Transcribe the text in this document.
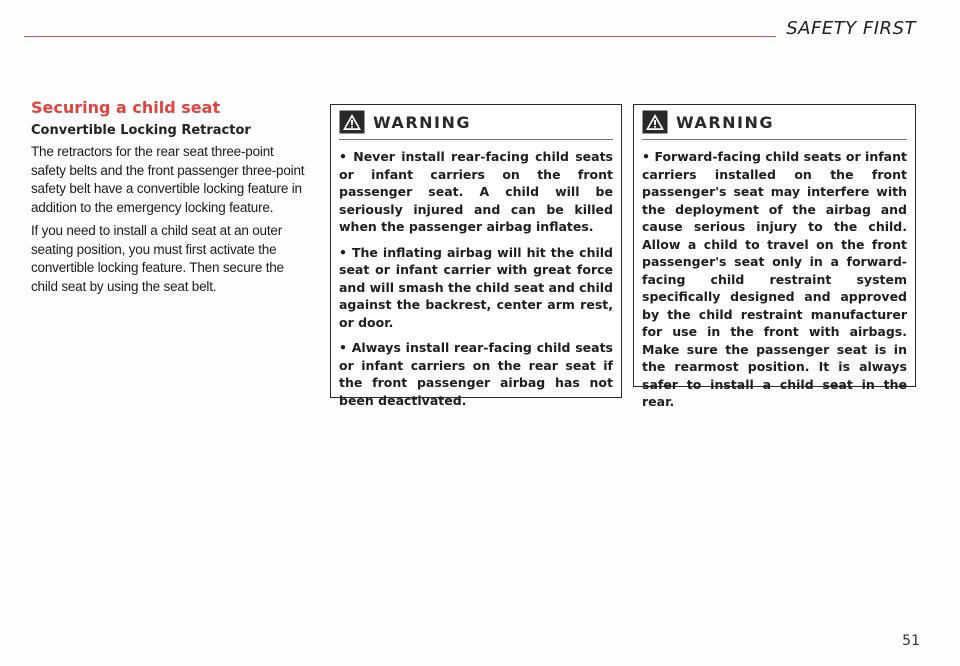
SAFETY FIRST
Securing a child seat
Convertible Locking Retractor

The retractors for the rear seat three-point safety belts and the front passenger three-point safety belt have a convertible locking feature in addition to the emergency locking feature.

If you need to install a child seat at an outer seating position, you must first activate the convertible locking feature. Then secure the child seat by using the seat belt.

WARNING

• Never install rear-facing child seats or infant carriers on the front passenger seat. A child will be seriously injured and can be killed when the passenger airbag inflates.

• The inflating airbag will hit the child seat or infant carrier with great force and will smash the child seat and child against the backrest, center arm rest, or door.

• Always install rear-facing child seats or infant carriers on the rear seat if the front passenger airbag has not been deactivated.

WARNING

• Forward-facing child seats or infant carriers installed on the front passenger's seat may interfere with the deployment of the airbag and cause serious injury to the child. Allow a child to travel on the front passenger's seat only in a forward-facing child restraint system specifically designed and approved by the child restraint manufacturer for use in the front with airbags. Make sure the passenger seat is in the rearmost position. It is always safer to install a child seat in the rear.

51
